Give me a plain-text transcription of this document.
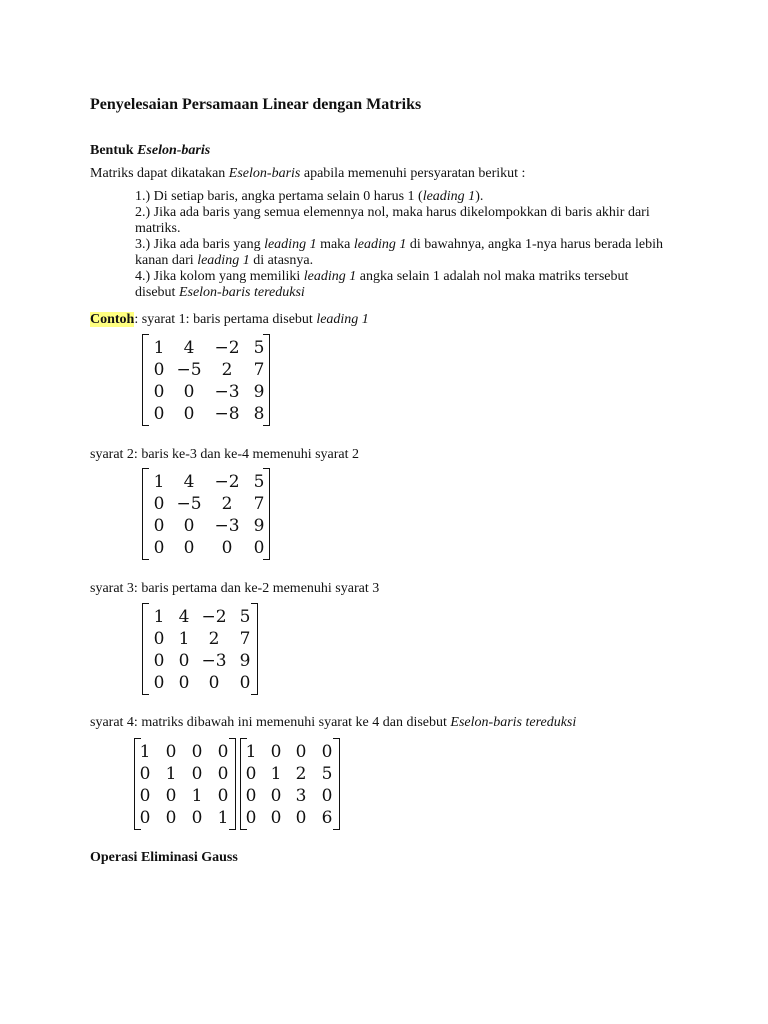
Penyelesaian Persamaan Linear dengan Matriks

Bentuk Eselon-baris

Matriks dapat dikatakan Eselon-baris apabila memenuhi persyaratan berikut :

1.) Di setiap baris, angka pertama selain 0 harus 1 (leading 1).

2.) Jika ada baris yang semua elemennya nol, maka harus dikelompokkan di baris akhir dari matriks.

3.) Jika ada baris yang leading 1 maka leading 1 di bawahnya, angka 1-nya harus berada lebih kanan dari leading 1 di atasnya.

4.) Jika kolom yang memiliki leading 1 angka selain 1 adalah nol maka matriks tersebut disebut Eselon-baris tereduksi

Contoh: syarat 1: baris pertama disebut leading 1
1	4	−2 5
0 −5	2	7
0	0	−3 9
0	0	−8 8
syarat 2: baris ke-3 dan ke-4 memenuhi syarat 2
1	4	−2 5
0 −5	2	7
0	0	−3 9
0	0	0	0
syarat 3: baris pertama dan ke-2 memenuhi syarat 3
1 4 −2 5
0 1	2	7
0 0 −3 9
0 0	0	0
syarat 4: matriks dibawah ini memenuhi syarat ke 4 dan disebut Eselon-baris tereduksi
1 0 0 0
0 1 0 0
0 0 1 0
0 0 0 1
1 0 0 0
0 1 2 5
0 0 3 0
0 0 0 6

Operasi Eliminasi Gauss
